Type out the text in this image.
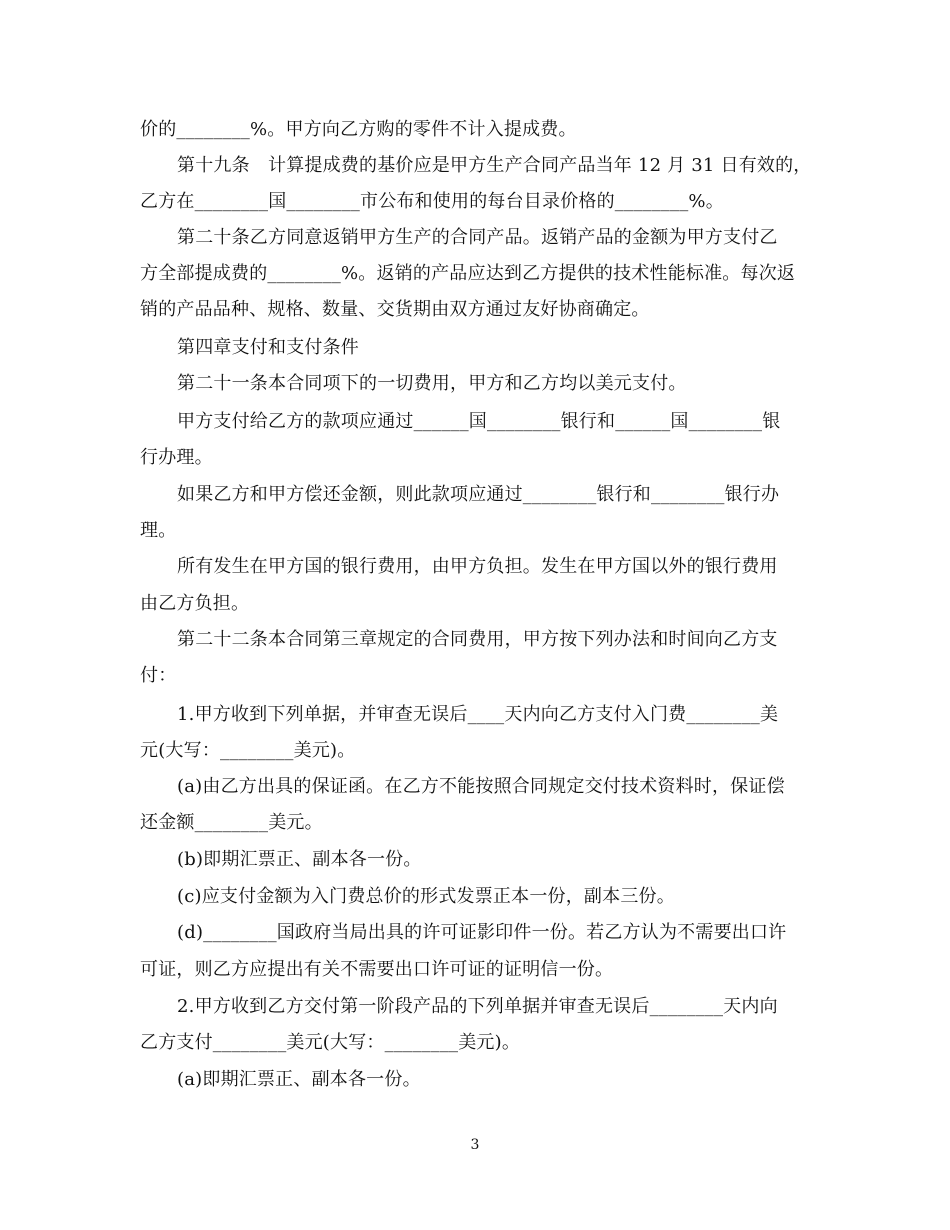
价的________%。甲方向乙方购的零件不计入提成费。
第十九条　计算提成费的基价应是甲方生产合同产品当年 12 月 31 日有效的，
乙方在________国________市公布和使用的每台目录价格的________%。
第二十条乙方同意返销甲方生产的合同产品。返销产品的金额为甲方支付乙
方全部提成费的________%。返销的产品应达到乙方提供的技术性能标准。每次返
销的产品品种、规格、数量、交货期由双方通过友好协商确定。
第四章支付和支付条件
第二十一条本合同项下的一切费用，甲方和乙方均以美元支付。
甲方支付给乙方的款项应通过______国________银行和______国________银
行办理。
如果乙方和甲方偿还金额，则此款项应通过________银行和________银行办
理。
所有发生在甲方国的银行费用，由甲方负担。发生在甲方国以外的银行费用
由乙方负担。
第二十二条本合同第三章规定的合同费用，甲方按下列办法和时间向乙方支
付：
1.甲方收到下列单据，并审查无误后____天内向乙方支付入门费________美
元(大写：________美元)。
(a)由乙方出具的保证函。在乙方不能按照合同规定交付技术资料时，保证偿
还金额________美元。
(b)即期汇票正、副本各一份。
(c)应支付金额为入门费总价的形式发票正本一份，副本三份。
(d)________国政府当局出具的许可证影印件一份。若乙方认为不需要出口许
可证，则乙方应提出有关不需要出口许可证的证明信一份。
2.甲方收到乙方交付第一阶段产品的下列单据并审查无误后________天内向
乙方支付________美元(大写：________美元)。
(a)即期汇票正、副本各一份。
3
